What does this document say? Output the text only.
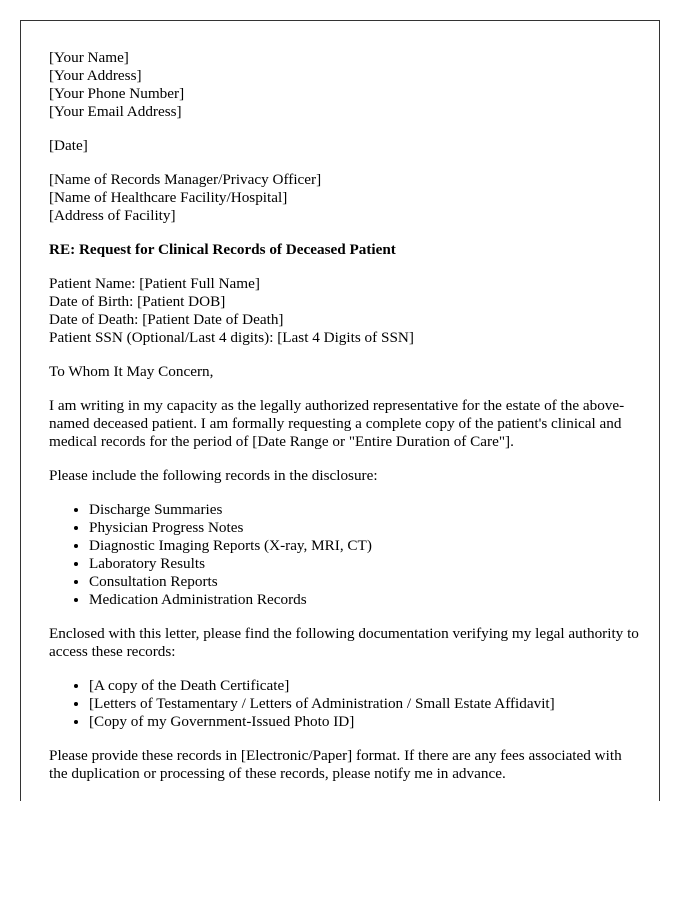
[Your Name]
[Your Address]
[Your Phone Number]
[Your Email Address]
[Date]
[Name of Records Manager/Privacy Officer]
[Name of Healthcare Facility/Hospital]
[Address of Facility]
RE: Request for Clinical Records of Deceased Patient
Patient Name: [Patient Full Name]
Date of Birth: [Patient DOB]
Date of Death: [Patient Date of Death]
Patient SSN (Optional/Last 4 digits): [Last 4 Digits of SSN]

To Whom It May Concern,

I am writing in my capacity as the legally authorized representative for the estate of the above-named deceased patient. I am formally requesting a complete copy of the patient's clinical and medical records for the period of [Date Range or "Entire Duration of Care"].

Please include the following records in the disclosure:

• Discharge Summaries
• Physician Progress Notes
• Diagnostic Imaging Reports (X-ray, MRI, CT)
• Laboratory Results
• Consultation Reports
• Medication Administration Records

Enclosed with this letter, please find the following documentation verifying my legal authority to access these records:

• [A copy of the Death Certificate]
• [Letters of Testamentary / Letters of Administration / Small Estate Affidavit]
• [Copy of my Government-Issued Photo ID]

Please provide these records in [Electronic/Paper] format. If there are any fees associated with the duplication or processing of these records, please notify me in advance.
